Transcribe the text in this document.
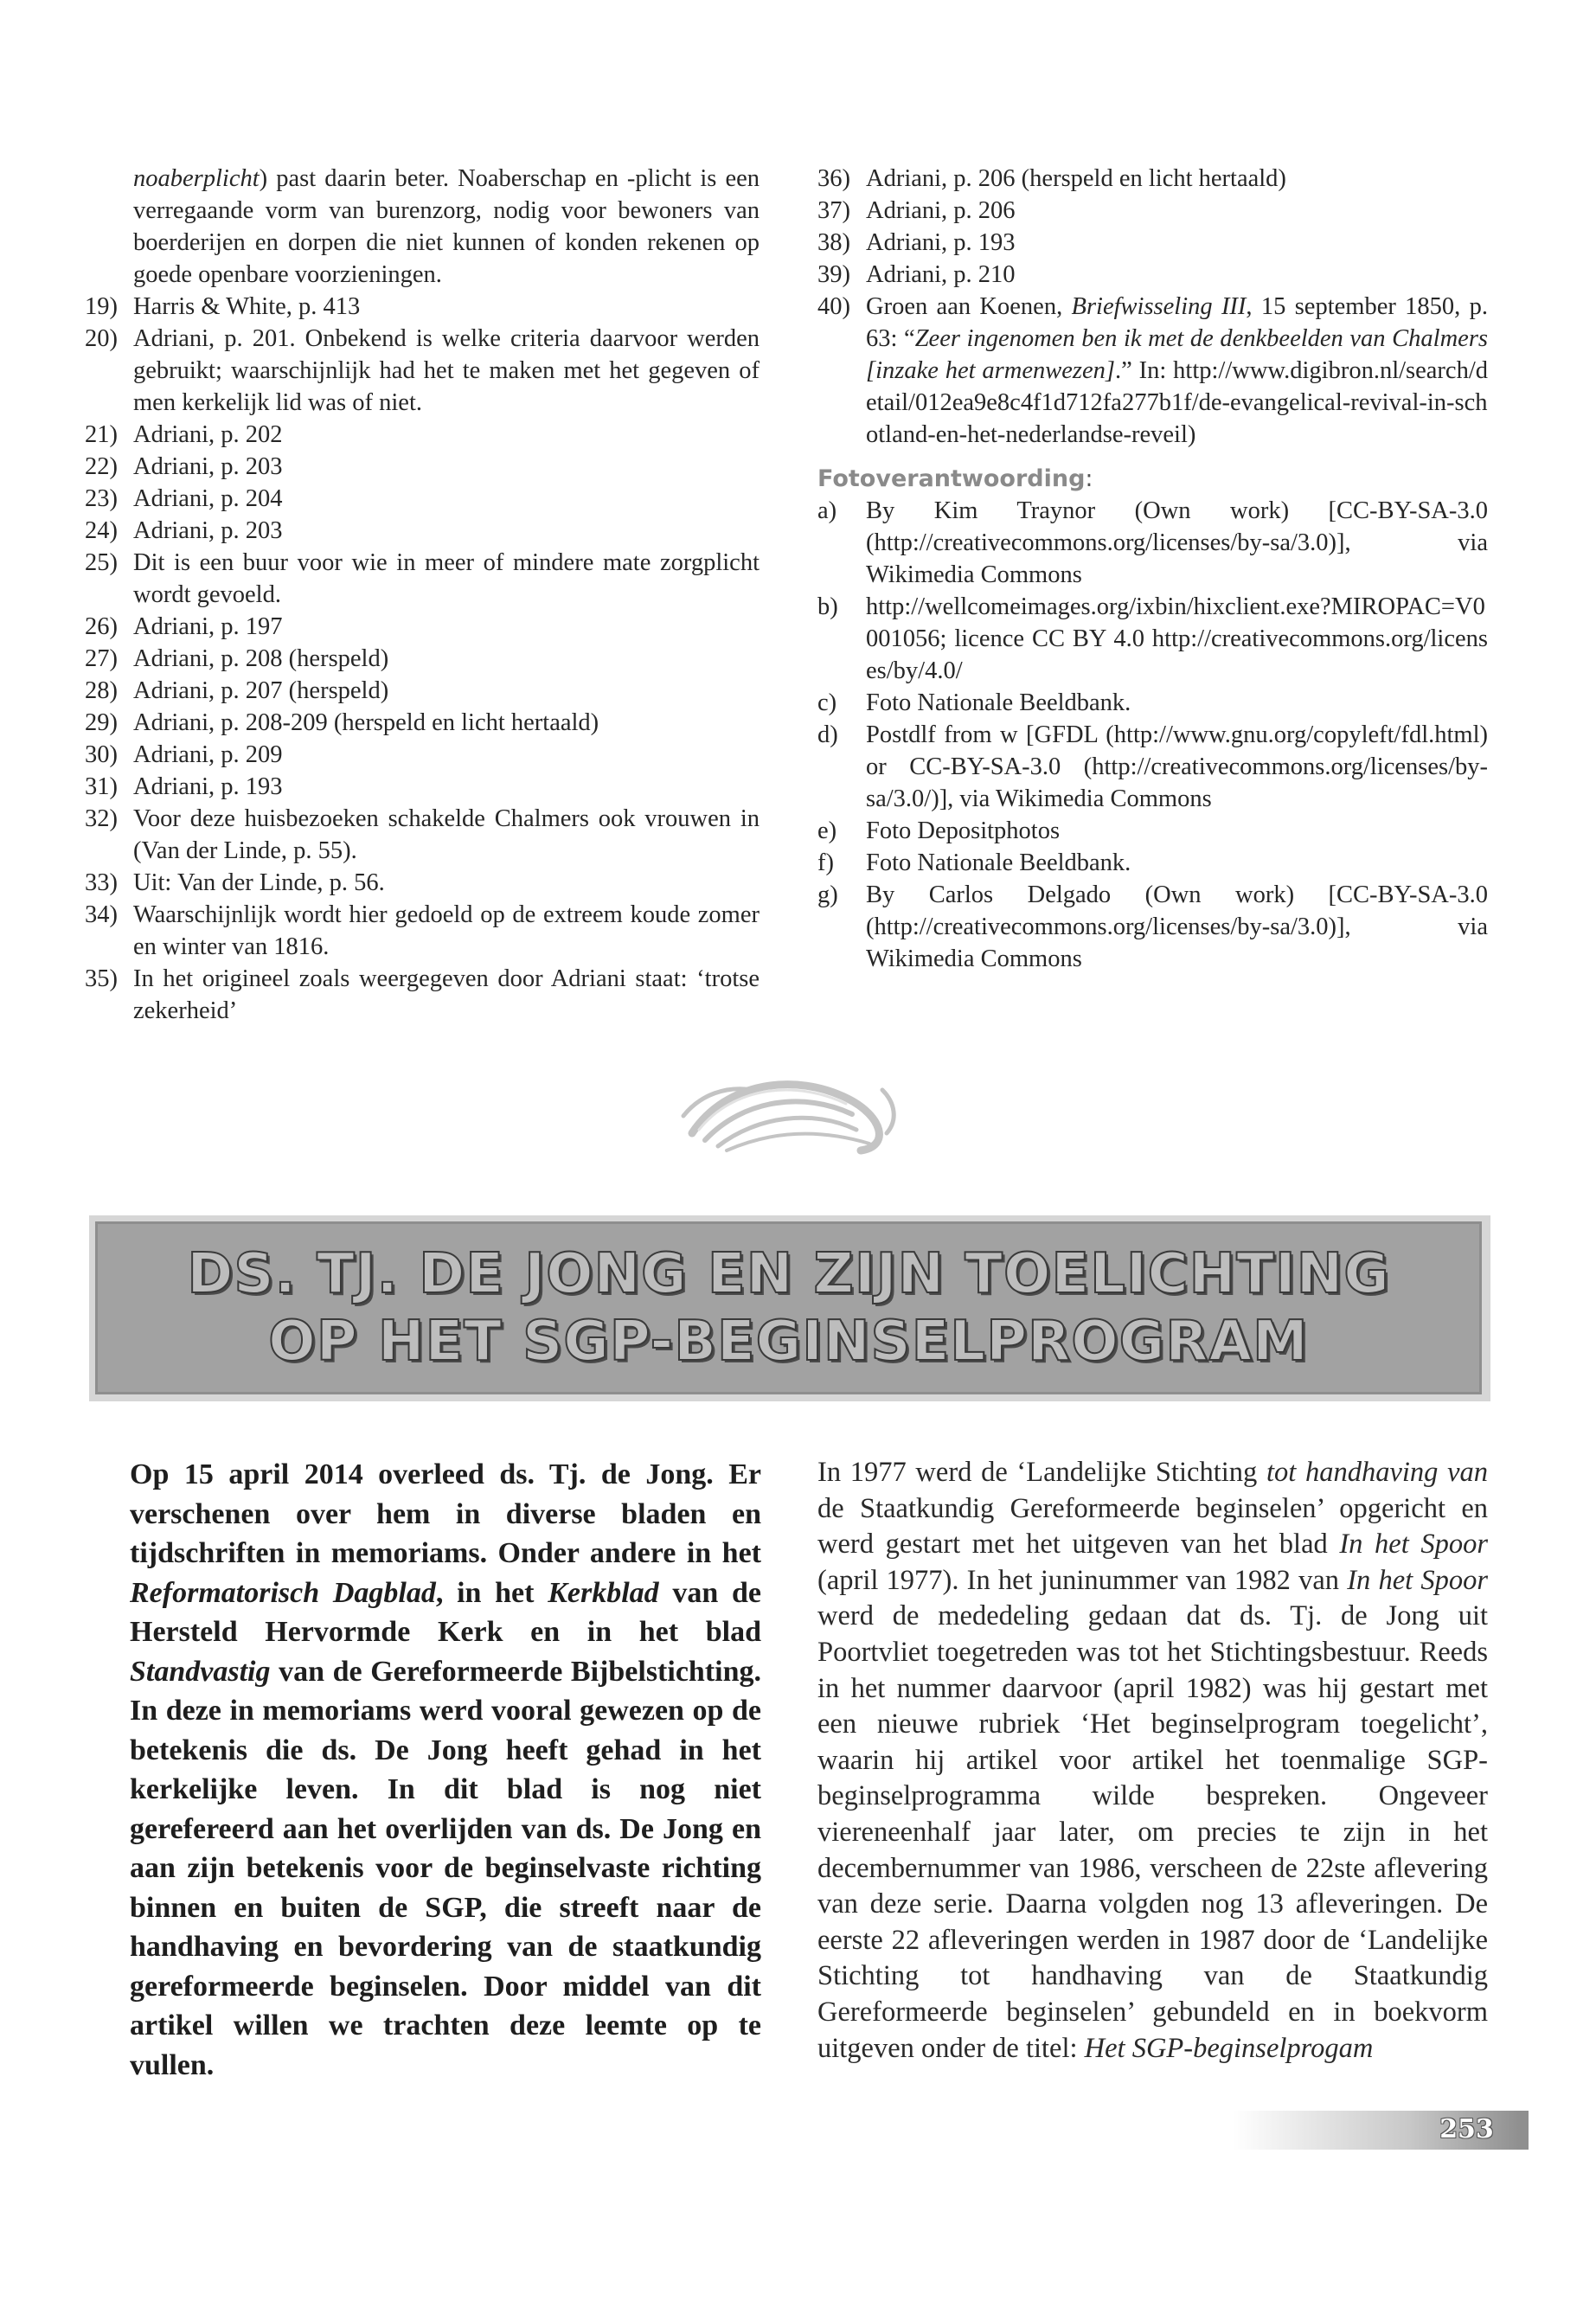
noaberplicht) past daarin beter. Noaberschap en -plicht is een verregaande vorm van burenzorg, nodig voor bewoners van boerderijen en dorpen die niet kunnen of konden rekenen op goede openbare voorzieningen.
19) Harris & White, p. 413
20) Adriani, p. 201. Onbekend is welke criteria daarvoor werden gebruikt; waarschijnlijk had het te maken met het gegeven of men kerkelijk lid was of niet.
21) Adriani, p. 202
22) Adriani, p. 203
23) Adriani, p. 204
24) Adriani, p. 203
25) Dit is een buur voor wie in meer of mindere mate zorgplicht wordt gevoeld.
26) Adriani, p. 197
27) Adriani, p. 208 (herspeld)
28) Adriani, p. 207 (herspeld)
29) Adriani, p. 208-209 (herspeld en licht hertaald)
30) Adriani, p. 209
31) Adriani, p. 193
32) Voor deze huisbezoeken schakelde Chalmers ook vrouwen in (Van der Linde, p. 55).
33) Uit: Van der Linde, p. 56.
34) Waarschijnlijk wordt hier gedoeld op de extreem koude zomer en winter van 1816.
35) In het origineel zoals weergegeven door Adriani staat: ‘trotse zekerheid’
36) Adriani, p. 206 (herspeld en licht hertaald)
37) Adriani, p. 206
38) Adriani, p. 193
39) Adriani, p. 210
40) Groen aan Koenen, Briefwisseling III, 15 september 1850, p. 63: “Zeer ingenomen ben ik met de denkbeelden van Chalmers [inzake het armenwezen].” In: http://www.digibron.nl/search/detail/012ea9e8c4f1d712fa277b1f/de-evangelical-revival-in-schotland-en-het-nederlandse-reveil)
Fotoverantwoording:
a)	By Kim Traynor (Own work) [CC-BY-SA-3.0 (http://creativecommons.org/licenses/by-sa/3.0)], via Wikimedia Commons
b)	http://wellcomeimages.org/ixbin/hixclient.exe?MIROPAC=V0001056; licence CC BY 4.0 http://creativecommons.org/licenses/by/4.0/
c)	Foto Nationale Beeldbank.
d)	Postdlf from w [GFDL (http://www.gnu.org/copyleft/fdl.html) or CC-BY-SA-3.0 (http://creativecommons.org/licenses/by-sa/3.0/)], via Wikimedia Commons
e)	Foto Depositphotos
f)	Foto Nationale Beeldbank.
g)	By Carlos Delgado (Own work) [CC-BY-SA-3.0 (http://creativecommons.org/licenses/by-sa/3.0)], via Wikimedia Commons
DS. TJ. DE JONG EN ZIJN TOELICHTING
OP HET SGP-BEGINSELPROGRAM
Op 15 april 2014 overleed ds. Tj. de Jong. Er verschenen over hem in diverse bladen en tijdschriften in memoriams. Onder andere in het Reformatorisch Dagblad, in het Kerkblad van de Hersteld Hervormde Kerk en in het blad Standvastig van de Gereformeerde Bijbelstichting. In deze in memoriams werd vooral gewezen op de betekenis die ds. De Jong heeft gehad in het kerkelijke leven. In dit blad is nog niet gerefereerd aan het overlijden van ds. De Jong en aan zijn betekenis voor de beginselvaste richting binnen en buiten de SGP, die streeft naar de handhaving en bevordering van de staatkundig gereformeerde beginselen. Door middel van dit artikel willen we trachten deze leemte op te vullen.
In 1977 werd de ‘Landelijke Stichting tot handhaving van de Staatkundig Gereformeerde beginselen’ opgericht en werd gestart met het uitgeven van het blad In het Spoor (april 1977). In het juninummer van 1982 van In het Spoor werd de mededeling gedaan dat ds. Tj. de Jong uit Poortvliet toegetreden was tot het Stichtingsbestuur. Reeds in het nummer daarvoor (april 1982) was hij gestart met een nieuwe rubriek ‘Het beginselprogram toegelicht’, waarin hij artikel voor artikel het toenmalige SGP-beginselprogramma wilde bespreken. Ongeveer viereneenhalf jaar later, om precies te zijn in het decembernummer van 1986, verscheen de 22ste aflevering van deze serie. Daarna volgden nog 13 afleveringen. De eerste 22 afleveringen werden in 1987 door de ‘Landelijke Stichting tot handhaving van de Staatkundig Gereformeerde beginselen’ gebundeld en in boekvorm uitgeven onder de titel: Het SGP-beginselprogam
253
